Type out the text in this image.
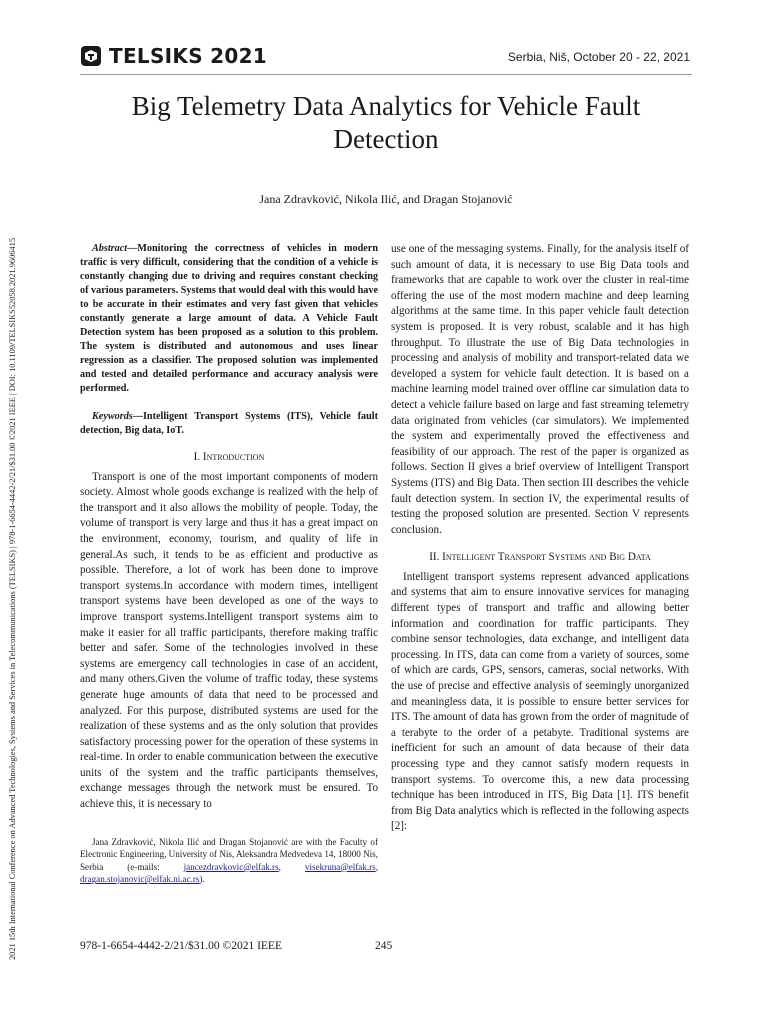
2021 15th International Conference on Advanced Technologies, Systems and Services in Telecommunications (TELSIKS) | 978-1-6654-4442-2/21/$31.00 ©2021 IEEE | DOI: 10.1109/TELSIKS52058.2021.9606415
TELSIKS 2021	Serbia, Niš, October 20 - 22, 2021
Big Telemetry Data Analytics for Vehicle Fault Detection
Jana Zdravković, Nikola Ilić, and Dragan Stojanović

Abstract—Monitoring the correctness of vehicles in modern traffic is very difficult, considering that the condition of a vehicle is constantly changing due to driving and requires constant checking of various parameters. Systems that would deal with this would have to be accurate in their estimates and very fast given that vehicles constantly generate a large amount of data. A Vehicle Fault Detection system has been proposed as a solution to this problem. The system is distributed and autonomous and uses linear regression as a classifier. The proposed solution was implemented and tested and detailed performance and accuracy analysis were performed.

Keywords—Intelligent Transport Systems (ITS), Vehicle fault detection, Big data, IoT.

I. Introduction

Transport is one of the most important components of modern society. Almost whole goods exchange is realized with the help of the transport and it also allows the mobility of people. Today, the volume of transport is very large and thus it has a great impact on the environment, economy, tourism, and quality of life in general.As such, it tends to be as efficient and productive as possible. Therefore, a lot of work has been done to improve transport systems.In accordance with modern times, intelligent transport systems have been developed as one of the ways to improve transport systems.Intelligent transport systems aim to make it easier for all traffic participants, therefore making traffic better and safer. Some of the technologies involved in these systems are emergency call technologies in case of an accident, and many others.Given the volume of traffic today, these systems generate huge amounts of data that need to be processed and analyzed. For this purpose, distributed systems are used for the realization of these systems and as the only solution that provides satisfactory processing power for the operation of these systems in real-time. In order to enable communication between the executive units of the system and the traffic participants themselves, exchange messages through the network must be ensured. To achieve this, it is necessary to

use one of the messaging systems. Finally, for the analysis itself of such amount of data, it is necessary to use Big Data tools and frameworks that are capable to work over the cluster in real-time offering the use of the most modern machine and deep learning algorithms at the same time. In this paper vehicle fault detection system is proposed. It is very robust, scalable and it has high throughput. To illustrate the use of Big Data technologies in processing and analysis of mobility and transport-related data we developed a system for vehicle fault detection. It is based on a machine learning model trained over offline car simulation data to detect a vehicle failure based on large and fast streaming telemetry data originated from vehicles (car simulators). We implemented the system and experimentally proved the effectiveness and feasibility of our approach. The rest of the paper is organized as follows. Section II gives a brief overview of Intelligent Transport Systems (ITS) and Big Data. Then section III describes the vehicle fault detection system. In section IV, the experimental results of testing the proposed solution are presented. Section V represents conclusion.

II. Intelligent Transport Systems and Big Data

Intelligent transport systems represent advanced applications and systems that aim to ensure innovative services for managing different types of transport and traffic and allowing better information and coordination for traffic participants. They combine sensor technologies, data exchange, and intelligent data processing. In ITS, data can come from a variety of sources, some of which are cards, GPS, sensors, cameras, social networks. With the use of precise and effective analysis of seemingly unorganized and meaningless data, it is possible to ensure better services for ITS. The amount of data has grown from the order of magnitude of a terabyte to the order of a petabyte. Traditional systems are inefficient for such an amount of data because of their data processing type and they cannot satisfy modern requests in transport systems. To overcome this, a new data processing technique has been introduced in ITS, Big Data [1]. ITS benefit from Big Data analytics which is reflected in the following aspects [2]:

Jana Zdravković, Nikola Ilić and Dragan Stojanović are with the Faculty of Electronic Engineering, University of Nis, Aleksandra Medvedeva 14, 18000 Nis, Serbia (e-mails: jancezdravkovic@elfak.rs, visekruna@elfak.rs, dragan.stojanovic@elfak.ni.ac.rs).

978-1-6654-4442-2/21/$31.00 ©2021 IEEE	245
